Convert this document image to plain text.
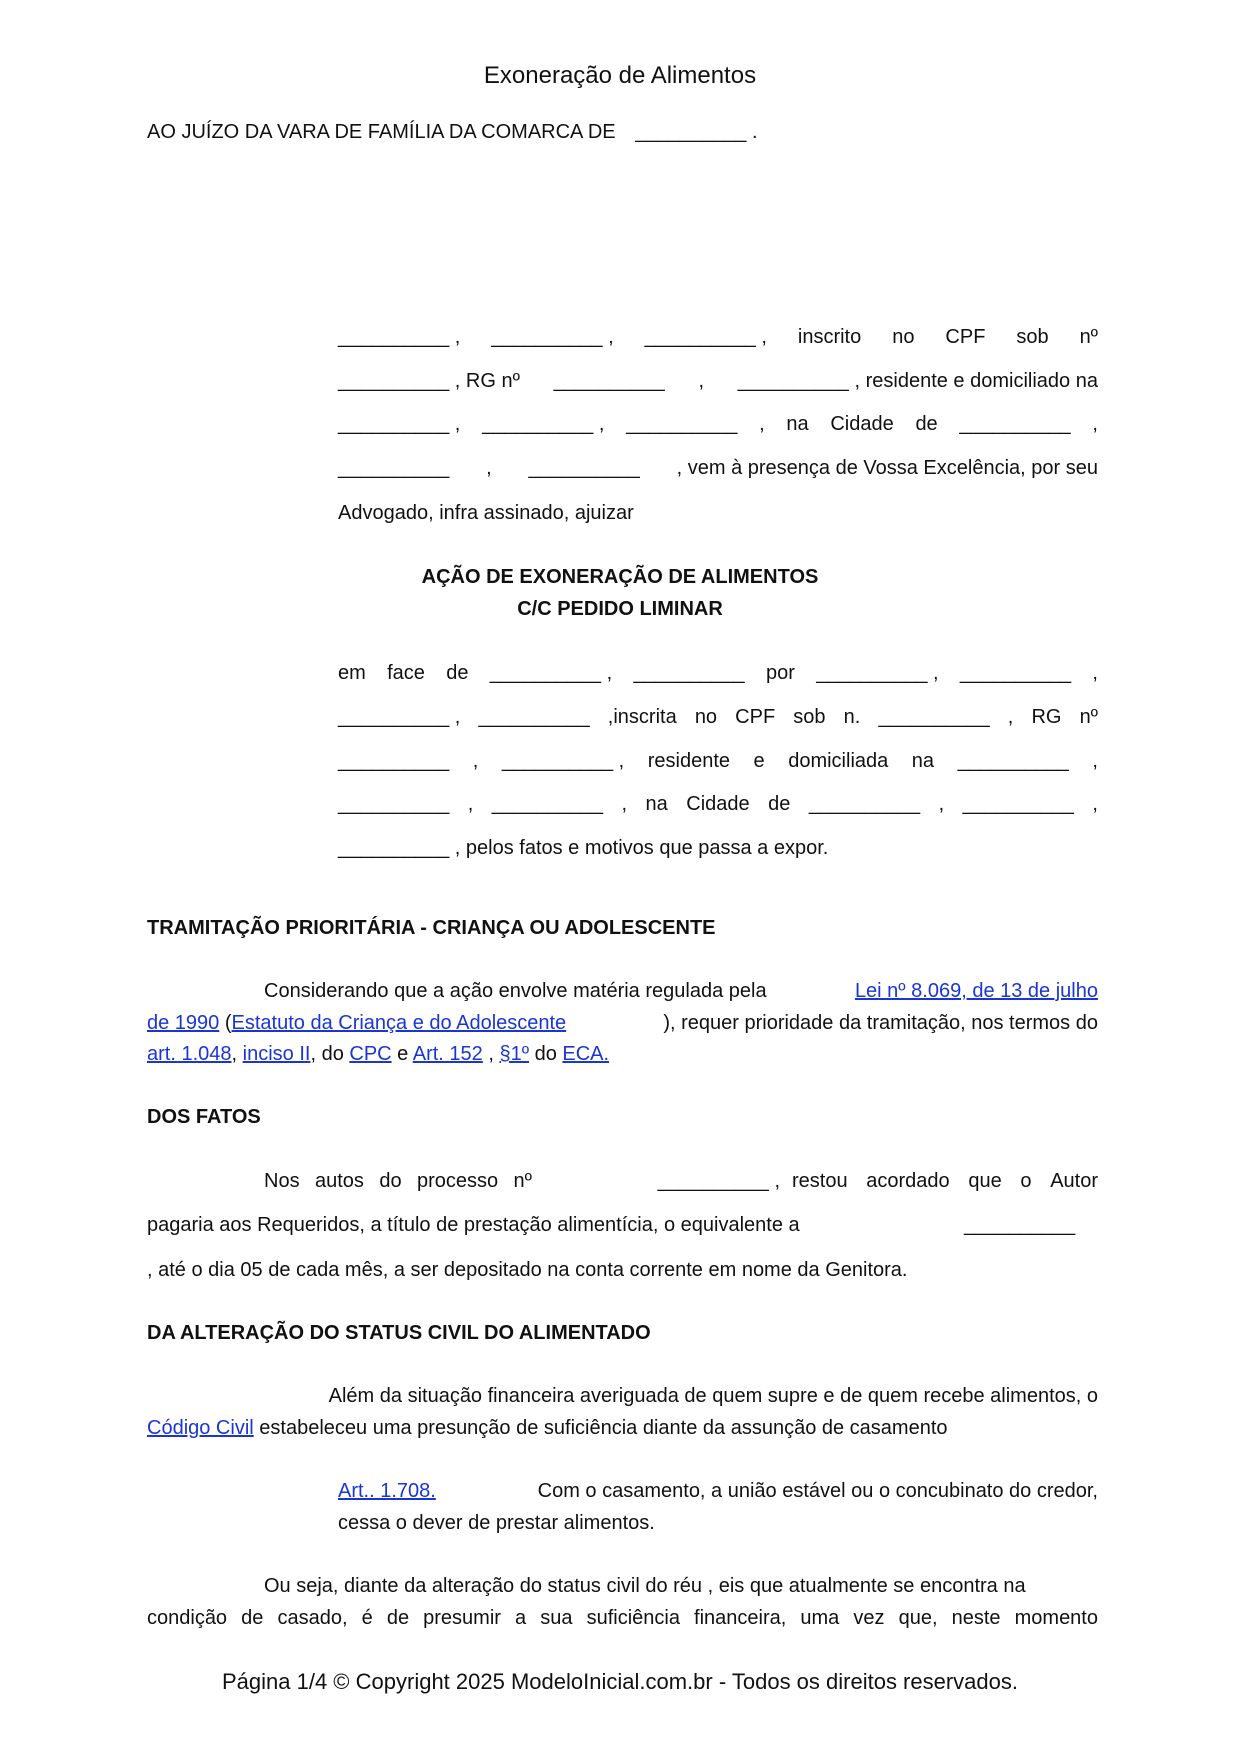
Exoneração de Alimentos
AO JUÍZO DA VARA DE FAMÍLIA DA COMARCA DE __________ .
__________ , __________ , __________ , inscrito no CPF sob nº
__________ , RG nº __________ , __________ , residente e domiciliado na
__________ , __________ , __________ , na Cidade de __________ ,
__________ , __________ , vem à presença de Vossa Excelência, por seu
Advogado, infra assinado, ajuizar
AÇÃO DE EXONERAÇÃO DE ALIMENTOS
C/C PEDIDO LIMINAR
em face de __________ , __________ por __________ , __________ ,
__________ , __________ ,inscrita no CPF sob n. __________ , RG nº
__________ , __________ , residente e domiciliada na __________ ,
__________ , __________ , na Cidade de __________ , __________ ,
__________ , pelos fatos e motivos que passa a expor.
TRAMITAÇÃO PRIORITÁRIA - CRIANÇA OU ADOLESCENTE
Considerando que a ação envolve matéria regulada pela	Lei nº 8.069, de 13 de julho
de 1990 (Estatuto da Criança e do Adolescente	), requer prioridade da tramitação, nos termos do
art. 1.048, inciso II, do CPC e Art. 152 , §1º do ECA.
DOS FATOS
Nos autos do processo nº	__________ , restou acordado que o Autor
pagaria aos Requeridos, a título de prestação alimentícia, o equivalente a	__________
, até o dia 05 de cada mês, a ser depositado na conta corrente em nome da Genitora.
DA ALTERAÇÃO DO STATUS CIVIL DO ALIMENTADO
Além da situação financeira averiguada de quem supre e de quem recebe alimentos, o
Código Civil estabeleceu uma presunção de suficiência diante da assunção de casamento
Art.. 1.708.	Com o casamento, a união estável ou o concubinato do credor,
cessa o dever de prestar alimentos.
Ou seja, diante da alteração do status civil do réu , eis que atualmente se encontra na
condição de casado, é de presumir a sua suficiência financeira, uma vez que, neste momento
Página 1/4 © Copyright 2025 ModeloInicial.com.br - Todos os direitos reservados.
